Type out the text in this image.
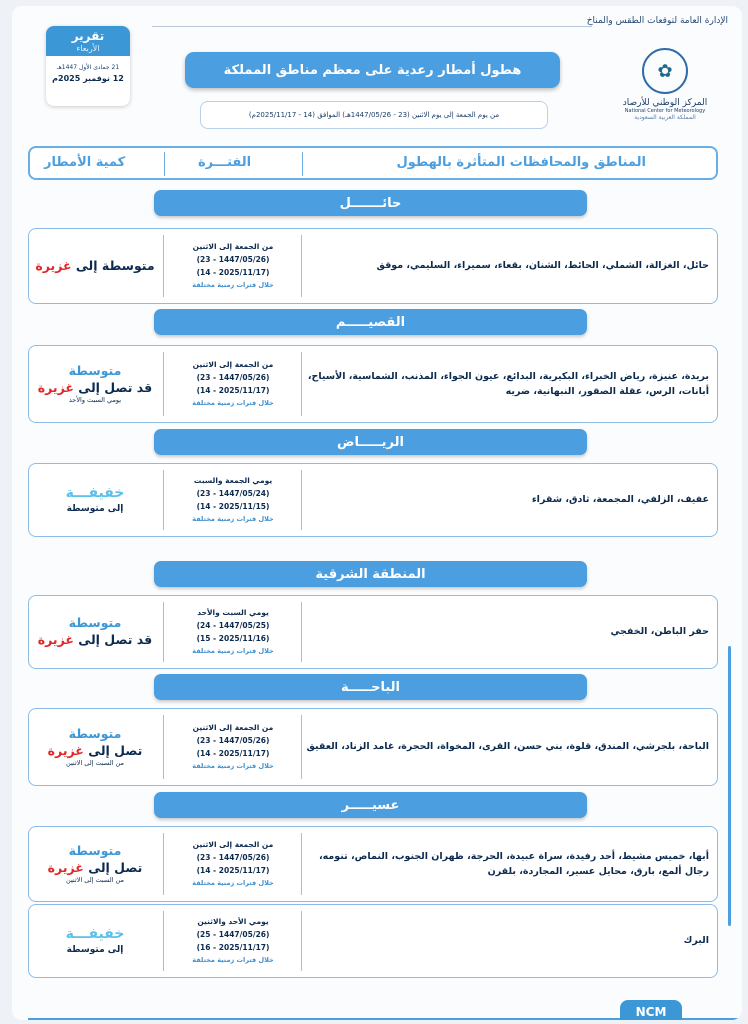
الإدارة العامة لتوقعات الطقس والمناخ
✿
المركز الوطني للأرصاد
National Center for Meteorology
المملكة العربية السعودية
تقرير
الأربعاء
21 جمادى الأول 1447هـ
12 نوفمبر 2025م
هطول أمطار رعدية على معظم مناطق المملكة
من يوم الجمعة إلى يوم الاثنين (23 - 1447/05/26هـ) الموافق (14 - 2025/11/17م)
المناطق والمحافظات المتأثرة بالهطول
الفتـــرة
كمية الأمطار
حائـــــــل
حائل، الغزالة، الشملي، الحائط، الشنان، بقعاء، سميراء، السليمي، موقق
من الجمعة إلى الاثنين
(1447/05/26 - 23)
(2025/11/17 - 14)
خلال فترات زمنية مختلفة
متوسطة إلى غزيرة
القصيـــــم
بريدة، عنيزة، رياض الخبراء، البكيرية، البدائع، عيون الجواء، المذنب، الشماسية، الأسياح، أبانات، الرس، عقلة الصقور، النبهانية، ضريه
من الجمعة إلى الاثنين
(1447/05/26 - 23)
(2025/11/17 - 14)
خلال فترات زمنية مختلفة
متوسطة
قد تصل إلى غزيرة
يومي السبت والأحد
الريـــــاض
عفيف، الزلفي، المجمعة، ثادق، شقراء
يومي الجمعة والسبت
(1447/05/24 - 23)
(2025/11/15 - 14)
خلال فترات زمنية مختلفة
خفيفـــة
إلى متوسطة
المنطقة الشرقية
حفر الباطن، الخفجي
يومي السبت والأحد
(1447/05/25 - 24)
(2025/11/16 - 15)
خلال فترات زمنية مختلفة
متوسطة
قد تصل إلى غزيرة
الباحـــــة
الباحة، بلجرشي، المندق، قلوة، بني حسن، القرى، المخواة، الحجرة، غامد الزناد، العقيق
من الجمعة إلى الاثنين
(1447/05/26 - 23)
(2025/11/17 - 14)
خلال فترات زمنية مختلفة
متوسطة
تصل إلى غزيرة
من السبت إلى الاثنين
عسيـــــر
أبها، خميس مشيط، أحد رفيدة، سراة عبيدة، الحرجة، ظهران الجنوب، النماص، تنومه، رجال ألمع، بارق، محايل عسير، المجاردة، بلقرن
من الجمعة إلى الاثنين
(1447/05/26 - 23)
(2025/11/17 - 14)
خلال فترات زمنية مختلفة
متوسطة
تصل إلى غزيرة
من السبت إلى الاثنين
البرك
يومي الأحد والاثنين
(1447/05/26 - 25)
(2025/11/17 - 16)
خلال فترات زمنية مختلفة
خفيفـــة
إلى متوسطة
NCM
